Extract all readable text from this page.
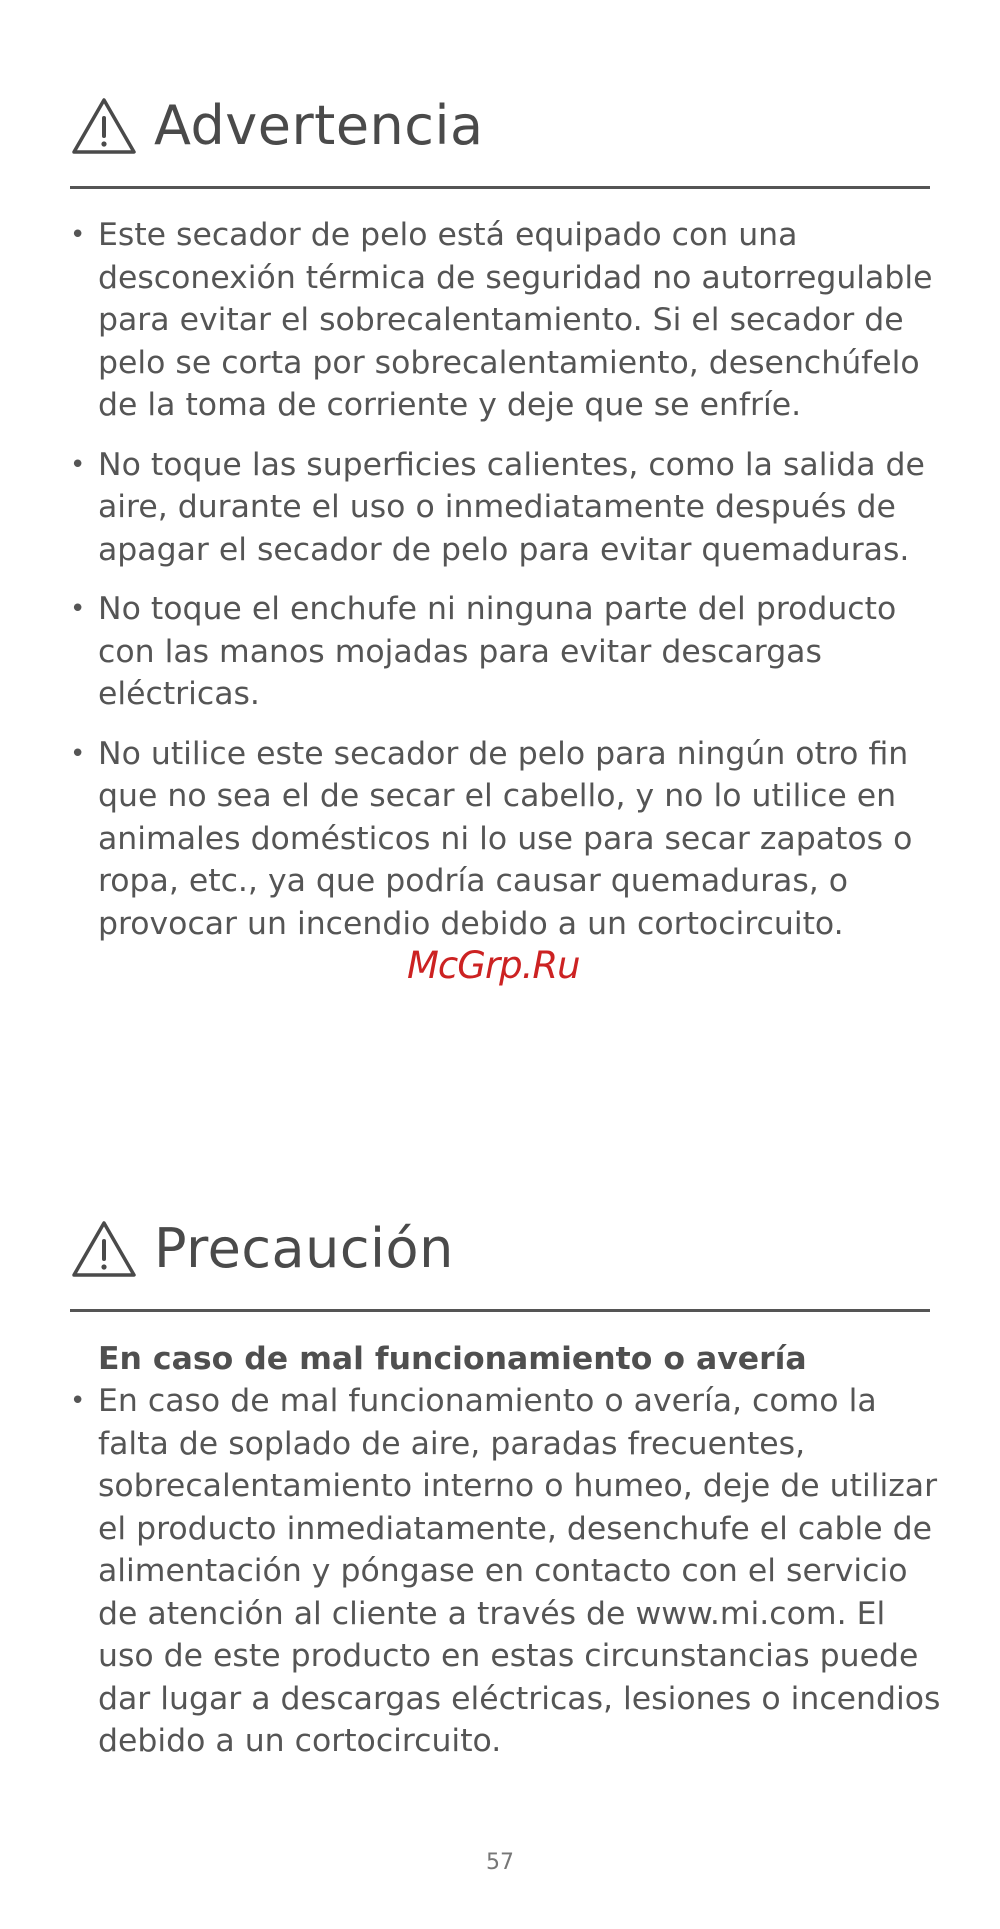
Advertencia
• Este secador de pelo está equipado con una desconexión térmica de seguridad no autorregulable para evitar el sobrecalentamiento. Si el secador de pelo se corta por sobrecalentamiento, desenchúfelo de la toma de corriente y deje que se enfríe.
• No toque las superficies calientes, como la salida de aire, durante el uso o inmediatamente después de apagar el secador de pelo para evitar quemaduras.
• No toque el enchufe ni ninguna parte del producto con las manos mojadas para evitar descargas eléctricas.
• No utilice este secador de pelo para ningún otro fin que no sea el de secar el cabello, y no lo utilice en animales domésticos ni lo use para secar zapatos o ropa, etc., ya que podría causar quemaduras, o provocar un incendio debido a un cortocircuito.
McGrp.Ru
Precaución
En caso de mal funcionamiento o avería
• En caso de mal funcionamiento o avería, como la falta de soplado de aire, paradas frecuentes, sobrecalentamiento interno o humeo, deje de utilizar el producto inmediatamente, desenchufe el cable de alimentación y póngase en contacto con el servicio de atención al cliente a través de www.mi.com. El uso de este producto en estas circunstancias puede dar lugar a descargas eléctricas, lesiones o incendios debido a un cortocircuito.
57
